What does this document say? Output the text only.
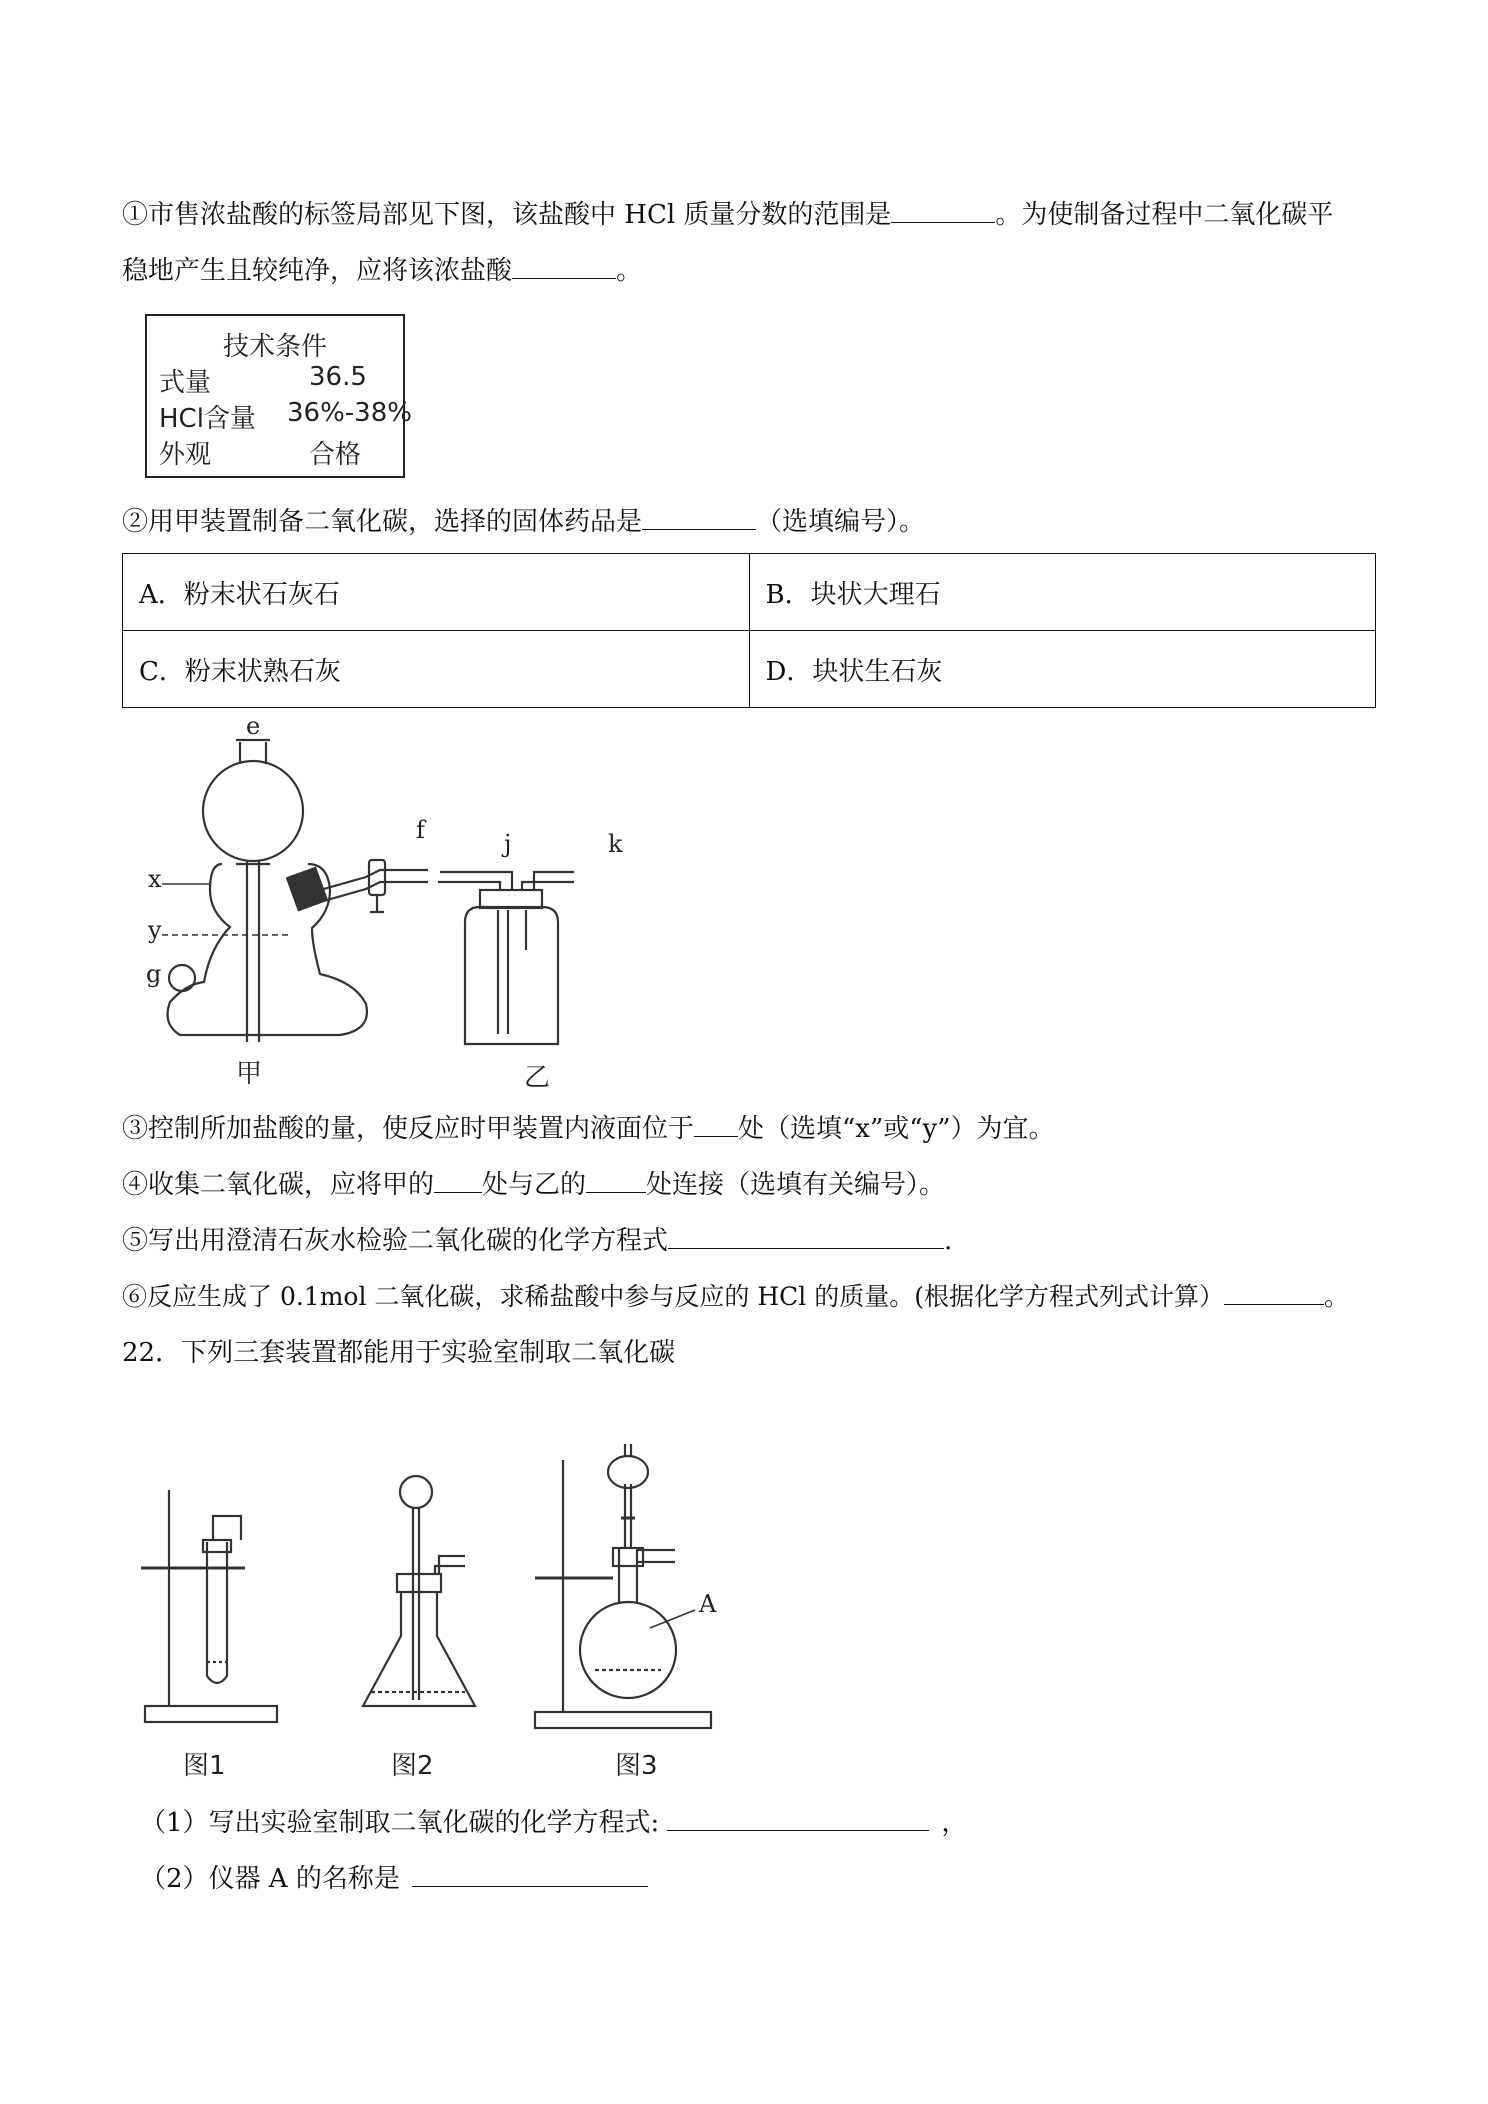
①市售浓盐酸的标签局部见下图，该盐酸中 HCl 质量分数的范围是	。为使制备过程中二氧化碳平
稳地产生且较纯净，应将该浓盐酸	。
技术条件
式量	36.5
HCl含量 36%-38%
外观	合格
②用甲装置制备二氧化碳，选择的固体药品是	（选填编号）。
A．粉末状石灰石	B．块状大理石
C．粉末状熟石灰	D．块状生石灰
e
f
x
y
g
j	k
甲	乙
③控制所加盐酸的量，使反应时甲装置内液面位于 处（选填“x”或“y”）为宜。
④收集二氧化碳，应将甲的 处与乙的 处连接（选填有关编号）。
⑤写出用澄清石灰水检验二氧化碳的化学方程式	.
⑥反应生成了 0.1mol 二氧化碳，求稀盐酸中参与反应的 HCl 的质量。(根据化学方程式列式计算）	。
22．下列三套装置都能用于实验室制取二氧化碳
A
图1	图2	图3
（1）写出实验室制取二氧化碳的化学方程式:	，
（2）仪器 A 的名称是
